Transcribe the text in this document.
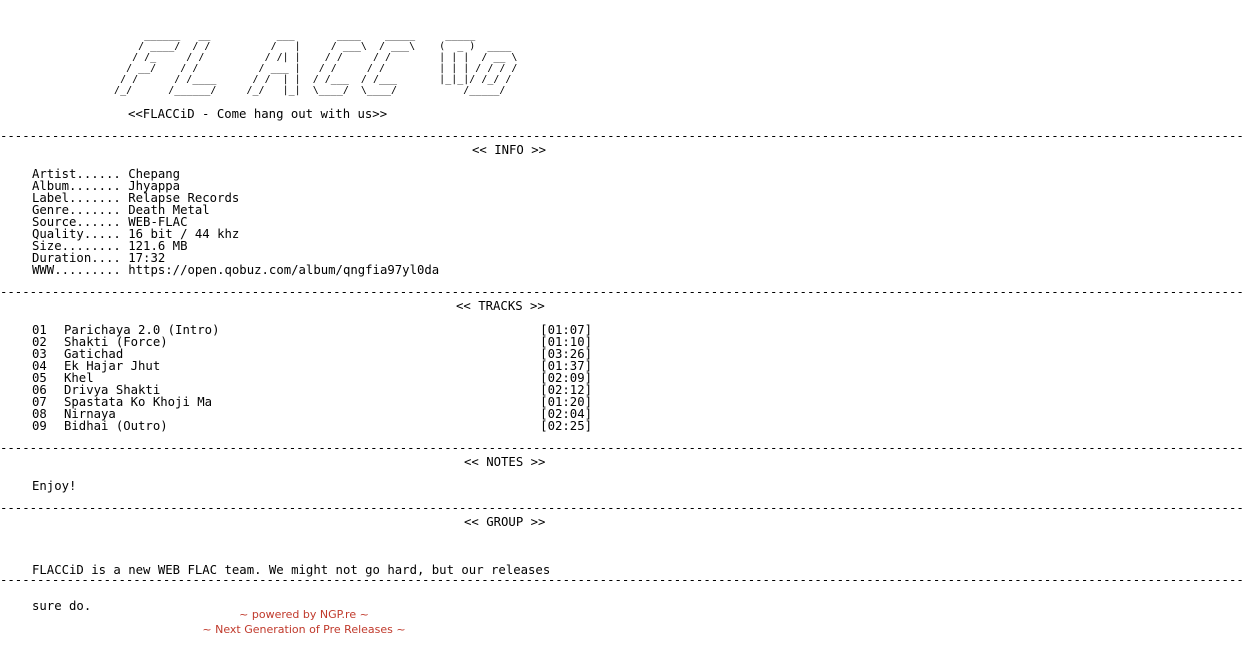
______   __           ___       ____    _____     _____
/ ____/  / /          /   |     / ___\  / ___\    (  _ )  ____
/ /_     / /          / /| |    / /     / /        | | |  / __ \
/ __/    / /          / ___ |   / /     / /         | | | / / / /
/ /      / /____      / /  | |  / /___  / /___       |_|_|/ /_/ /
/_/      /______/     /_/   |_|  \____/  \____/           /_____/
<<FLACCiD - Come hang out with us>>
------------------------------------------------------------------------------------------------------------------------------------------------------------------------
<< INFO >>
Artist...... Chepang
Album....... Jhyappa
Label....... Relapse Records
Genre....... Death Metal
Source...... WEB-FLAC
Quality..... 16 bit / 44 khz
Size........ 121.6 MB
Duration.... 17:32
WWW......... https://open.qobuz.com/album/qngfia97yl0da
------------------------------------------------------------------------------------------------------------------------------------------------------------------------
<< TRACKS >>
01	Parichaya 2.0 (Intro)	[01:07]
02	Shakti (Force)	[01:10]
03	Gatichad	[03:26]
04	Ek Hajar Jhut	[01:37]
05	Khel	[02:09]
06	Drivya Shakti	[02:12]
07	Spastata Ko Khoji Ma	[01:20]
08	Nirnaya	[02:04]
09	Bidhai (Outro)	[02:25]
------------------------------------------------------------------------------------------------------------------------------------------------------------------------
<< NOTES >>
Enjoy!
------------------------------------------------------------------------------------------------------------------------------------------------------------------------
<< GROUP >>

FLACCiD is a new WEB FLAC team. We might not go hard, but our releases

sure do.

------------------------------------------------------------------------------------------------------------------------------------------------------------------------
~ powered by NGP.re ~
~ Next Generation of Pre Releases ~
